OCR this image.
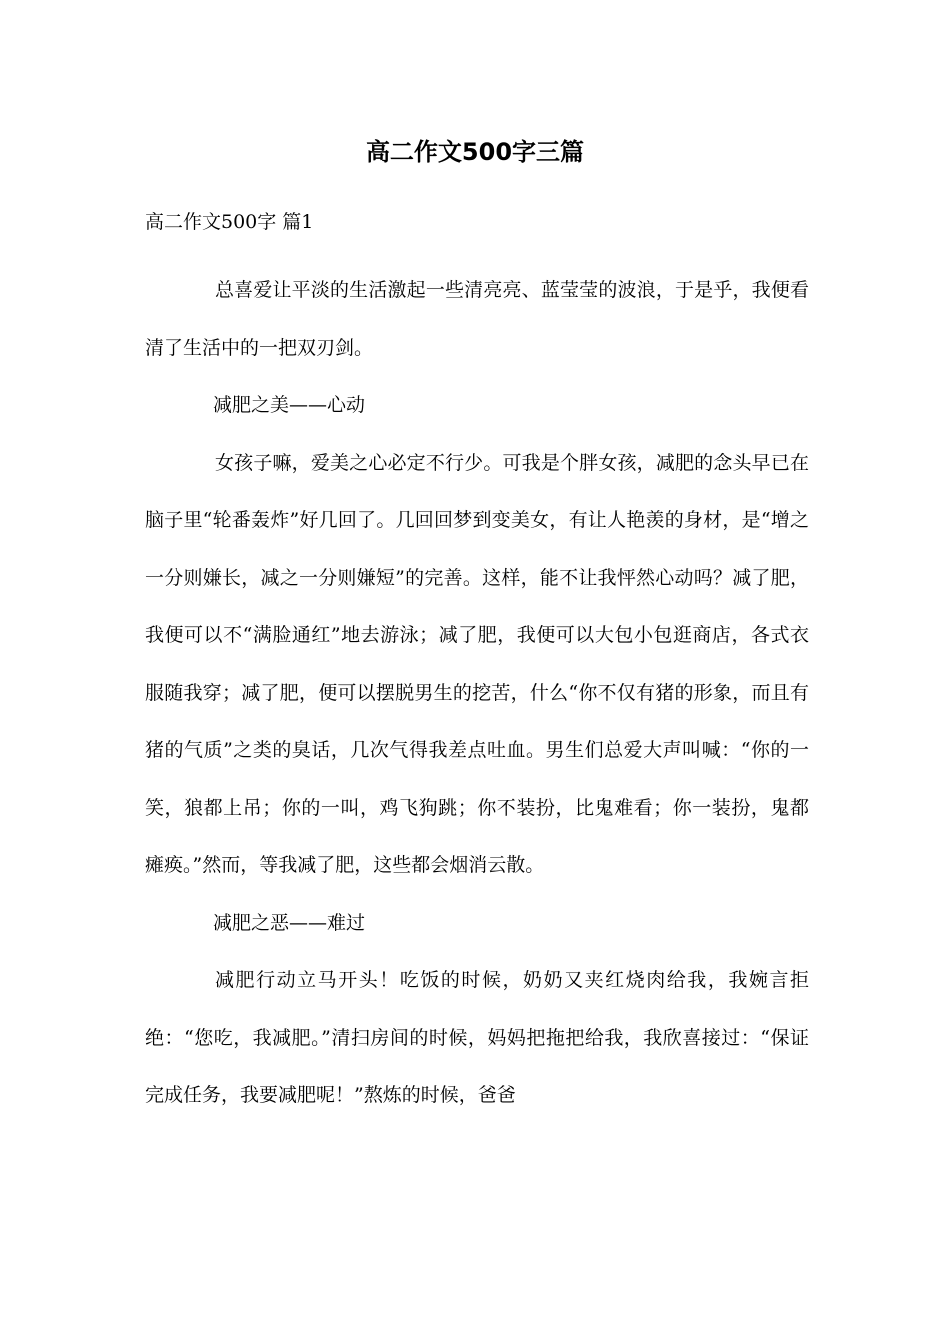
高二作文500字三篇
高二作文500字 篇1

总喜爱让平淡的生活激起一些清亮亮、蓝莹莹的波浪，于是乎，我便看清了生活中的一把双刃剑。

减肥之美——心动

女孩子嘛，爱美之心必定不行少。可我是个胖女孩，减肥的念头早已在脑子里“轮番轰炸”好几回了。几回回梦到变美女，有让人艳羡的身材，是“增之一分则嫌长，减之一分则嫌短”的完善。这样，能不让我怦然心动吗？减了肥，我便可以不“满脸通红”地去游泳；减了肥，我便可以大包小包逛商店，各式衣服随我穿；减了肥，便可以摆脱男生的挖苦，什么“你不仅有猪的形象，而且有猪的气质”之类的臭话，几次气得我差点吐血。男生们总爱大声叫喊：“你的一笑，狼都上吊；你的一叫，鸡飞狗跳；你不装扮，比鬼难看；你一装扮，鬼都瘫痪。”然而，等我减了肥，这些都会烟消云散。

减肥之恶——难过

减肥行动立马开头！吃饭的时候，奶奶又夹红烧肉给我，我婉言拒绝：“您吃，我减肥。”清扫房间的时候，妈妈把拖把给我，我欣喜接过：“保证完成任务，我要减肥呢！”熬炼的时候，爸爸
